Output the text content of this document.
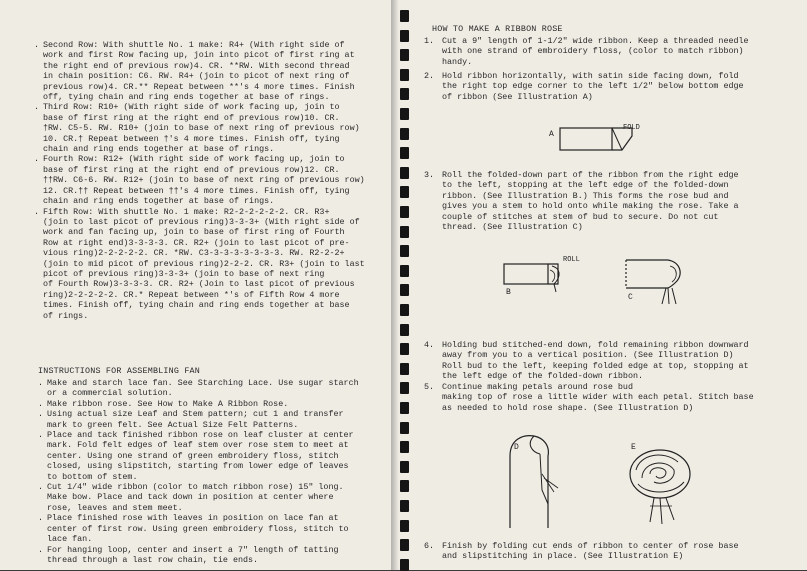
. Second Row: With shuttle No. 1 make: R4+ (With right side of
work and first Row facing up, join into picot of first ring at
the right end of previous row)4. CR. **RW. With second thread
in chain position: C6. RW. R4+ (join to picot of next ring of
previous row)4. CR.** Repeat between **'s 4 more times. Finish
off, tying chain and ring ends together at base of rings.
. Third Row: R10+ (With right side of work facing up, join to
base of first ring at the right end of previous row)10. CR.
†RW. C5-5. RW. R10+ (join to base of next ring of previous row)
10. CR.† Repeat between †'s 4 more times. Finish off, tying
chain and ring ends together at base of rings.
. Fourth Row: R12+ (With right side of work facing up, join to
base of first ring at the right end of previous row)12. CR.
††RW. C6-6. RW. R12+ (join to base of next ring of previous row)
12. CR.†† Repeat between ††'s 4 more times. Finish off, tying
chain and ring ends together at base of rings.
. Fifth Row: With shuttle No. 1 make: R2-2-2-2-2-2. CR. R3+
(join to last picot of previous ring)3-3-3+ (With right side of
work and fan facing up, join to base of first ring of Fourth
Row at right end)3-3-3-3. CR. R2+ (join to last picot of pre-
vious ring)2-2-2-2-2. CR. *RW. C3-3-3-3-3-3-3-3. RW. R2-2-2+
(join to mid picot of previous ring)2-2-2. CR. R3+ (join to last
picot of previous ring)3-3-3+ (join to base of next ring
of Fourth Row)3-3-3-3. CR. R2+ (Join to last picot of previous
ring)2-2-2-2-2. CR.* Repeat between *'s of Fifth Row 4 more
times. Finish off, tying chain and ring ends together at base
of rings.
INSTRUCTIONS FOR ASSEMBLING FAN
. Make and starch lace fan. See Starching Lace. Use sugar starch
or a commercial solution.
. Make ribbon rose. See How to Make A Ribbon Rose.
. Using actual size Leaf and Stem pattern; cut 1 and transfer
mark to green felt. See Actual Size Felt Patterns.
. Place and tack finished ribbon rose on leaf cluster at center
mark. Fold felt edges of leaf stem over rose stem to meet at
center. Using one strand of green embroidery floss, stitch
closed, using slipstitch, starting from lower edge of leaves
to bottom of stem.
. Cut 1/4" wide ribbon (color to match ribbon rose) 15" long.
Make bow. Place and tack down in position at center where
rose, leaves and stem meet.
. Place finished rose with leaves in position on lace fan at
center of first row. Using green embroidery floss, stitch to
lace fan.
. For hanging loop, center and insert a 7" length of tatting
thread through a last row chain, tie ends.
HOW TO MAKE A RIBBON ROSE
1. Cut a 9" length of 1-1/2" wide ribbon. Keep a threaded needle
with one strand of embroidery floss, (color to match ribbon)
handy.
2. Hold ribbon horizontally, with satin side facing down, fold
the right top edge corner to the left 1/2" below bottom edge
of ribbon (See Illustration A)
A
FOLD
3. Roll the folded-down part of the ribbon from the right edge
to the left, stopping at the left edge of the folded-down
ribbon. (See Illustration B.) This forms the rose bud and
gives you a stem to hold onto while making the rose. Take a
couple of stitches at stem of bud to secure. Do not cut
thread. (See Illustration C)
B
ROLL
C
4. Holding bud stitched-end down, fold remaining ribbon downward
away from you to a vertical position. (See Illustration D)
Roll bud to the left, keeping folded edge at top, stopping at
the left edge of the folded-down ribbon.
5. Continue making petals around rose bud
making top of rose a little wider with each petal. Stitch base
as needed to hold rose shape. (See Illustration D)
D	E
6. Finish by folding cut ends of ribbon to center of rose base
and slipstitching in place. (See Illustration E)
